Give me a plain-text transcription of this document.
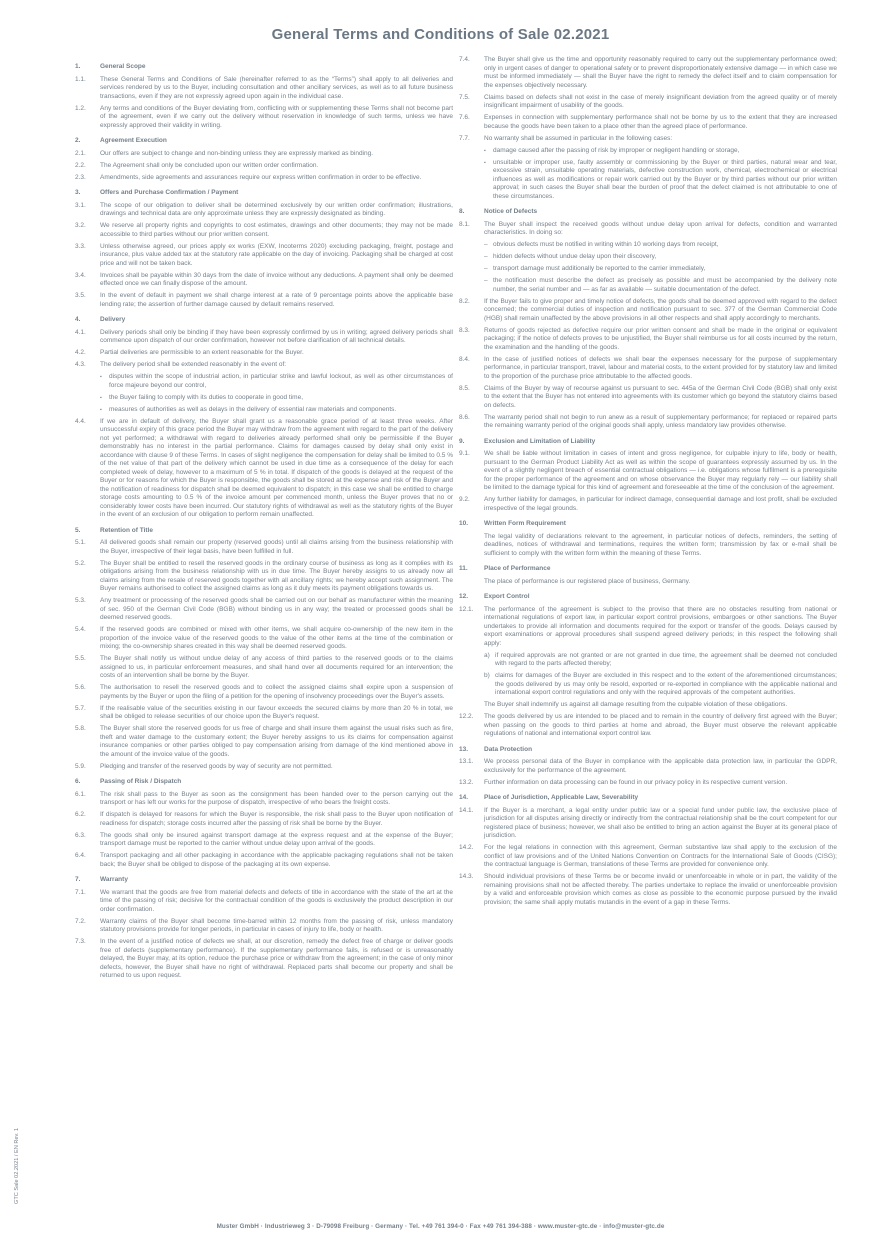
General Terms and Conditions of Sale 02.2021
1.	General Scope
1.1.	These General Terms and Conditions of Sale (hereinafter referred to as the “Terms”) shall apply to all deliveries and services rendered by us to the Buyer, including consultation and other ancillary services, as well as to all future business transactions, even if they are not expressly agreed upon again in the individual case.
1.2.	Any terms and conditions of the Buyer deviating from, conflicting with or supplementing these Terms shall not become part of the agreement, even if we carry out the delivery without reservation in knowledge of such terms, unless we have expressly approved their validity in writing.
2.	Agreement Execution
2.1.	Our offers are subject to change and non-binding unless they are expressly marked as binding.
2.2.	The Agreement shall only be concluded upon our written order confirmation.
2.3.	Amendments, side agreements and assurances require our express written confirmation in order to be effective.
3.	Offers and Purchase Confirmation / Payment
3.1.	The scope of our obligation to deliver shall be determined exclusively by our written order confirmation; illustrations, drawings and technical data are only approximate unless they are expressly designated as binding.
3.2.	We reserve all property rights and copyrights to cost estimates, drawings and other documents; they may not be made accessible to third parties without our prior written consent.
3.3.	Unless otherwise agreed, our prices apply ex works (EXW, Incoterms 2020) excluding packaging, freight, postage and insurance, plus value added tax at the statutory rate applicable on the day of invoicing. Packaging shall be charged at cost price and will not be taken back.
3.4.	Invoices shall be payable within 30 days from the date of invoice without any deductions. A payment shall only be deemed effected once we can finally dispose of the amount.
3.5.	In the event of default in payment we shall charge interest at a rate of 9 percentage points above the applicable base lending rate; the assertion of further damage caused by default remains reserved.
4.	Delivery
4.1.	Delivery periods shall only be binding if they have been expressly confirmed by us in writing; agreed delivery periods shall commence upon dispatch of our order confirmation, however not before clarification of all technical details.
4.2.	Partial deliveries are permissible to an extent reasonable for the Buyer.
4.3.	The delivery period shall be extended reasonably in the event of:
▪	disputes within the scope of industrial action, in particular strike and lawful lockout, as well as other circumstances of force majeure beyond our control,
▪	the Buyer failing to comply with its duties to cooperate in good time,
▪	measures of authorities as well as delays in the delivery of essential raw materials and components.
4.4.	If we are in default of delivery, the Buyer shall grant us a reasonable grace period of at least three weeks. After unsuccessful expiry of this grace period the Buyer may withdraw from the agreement with regard to the part of the delivery not yet performed; a withdrawal with regard to deliveries already performed shall only be permissible if the Buyer demonstrably has no interest in the partial performance. Claims for damages caused by delay shall only exist in accordance with clause 9 of these Terms. In cases of slight negligence the compensation for delay shall be limited to 0.5 % of the net value of that part of the delivery which cannot be used in due time as a consequence of the delay for each completed week of delay, however to a maximum of 5 % in total. If dispatch of the goods is delayed at the request of the Buyer or for reasons for which the Buyer is responsible, the goods shall be stored at the expense and risk of the Buyer and the notification of readiness for dispatch shall be deemed equivalent to dispatch; in this case we shall be entitled to charge storage costs amounting to 0.5 % of the invoice amount per commenced month, unless the Buyer proves that no or considerably lower costs have been incurred. Our statutory rights of withdrawal as well as the statutory rights of the Buyer in the event of an exclusion of our obligation to perform remain unaffected.
5.	Retention of Title
5.1.	All delivered goods shall remain our property (reserved goods) until all claims arising from the business relationship with the Buyer, irrespective of their legal basis, have been fulfilled in full.
5.2.	The Buyer shall be entitled to resell the reserved goods in the ordinary course of business as long as it complies with its obligations arising from the business relationship with us in due time. The Buyer hereby assigns to us already now all claims arising from the resale of reserved goods together with all ancillary rights; we hereby accept such assignment. The Buyer remains authorised to collect the assigned claims as long as it duly meets its payment obligations towards us.
5.3.	Any treatment or processing of the reserved goods shall be carried out on our behalf as manufacturer within the meaning of sec. 950 of the German Civil Code (BGB) without binding us in any way; the treated or processed goods shall be deemed reserved goods.
5.4.	If the reserved goods are combined or mixed with other items, we shall acquire co-ownership of the new item in the proportion of the invoice value of the reserved goods to the value of the other items at the time of the combination or mixing; the co-ownership shares created in this way shall be deemed reserved goods.
5.5.	The Buyer shall notify us without undue delay of any access of third parties to the reserved goods or to the claims assigned to us, in particular enforcement measures, and shall hand over all documents required for an intervention; the costs of an intervention shall be borne by the Buyer.
5.6.	The authorisation to resell the reserved goods and to collect the assigned claims shall expire upon a suspension of payments by the Buyer or upon the filing of a petition for the opening of insolvency proceedings over the Buyer's assets.
5.7.	If the realisable value of the securities existing in our favour exceeds the secured claims by more than 20 % in total, we shall be obliged to release securities of our choice upon the Buyer's request.
5.8.	The Buyer shall store the reserved goods for us free of charge and shall insure them against the usual risks such as fire, theft and water damage to the customary extent; the Buyer hereby assigns to us its claims for compensation against insurance companies or other parties obliged to pay compensation arising from damage of the kind mentioned above in the amount of the invoice value of the goods.
5.9.	Pledging and transfer of the reserved goods by way of security are not permitted.
6.	Passing of Risk / Dispatch
6.1.	The risk shall pass to the Buyer as soon as the consignment has been handed over to the person carrying out the transport or has left our works for the purpose of dispatch, irrespective of who bears the freight costs.
6.2.	If dispatch is delayed for reasons for which the Buyer is responsible, the risk shall pass to the Buyer upon notification of readiness for dispatch; storage costs incurred after the passing of risk shall be borne by the Buyer.
6.3.	The goods shall only be insured against transport damage at the express request and at the expense of the Buyer; transport damage must be reported to the carrier without undue delay upon arrival of the goods.
6.4.	Transport packaging and all other packaging in accordance with the applicable packaging regulations shall not be taken back; the Buyer shall be obliged to dispose of the packaging at its own expense.
7.	Warranty
7.1.	We warrant that the goods are free from material defects and defects of title in accordance with the state of the art at the time of the passing of risk; decisive for the contractual condition of the goods is exclusively the product description in our order confirmation.
7.2.	Warranty claims of the Buyer shall become time-barred within 12 months from the passing of risk, unless mandatory statutory provisions provide for longer periods, in particular in cases of injury to life, body or health.
7.3.	In the event of a justified notice of defects we shall, at our discretion, remedy the defect free of charge or deliver goods free of defects (supplementary performance). If the supplementary performance fails, is refused or is unreasonably delayed, the Buyer may, at its option, reduce the purchase price or withdraw from the agreement; in the case of only minor defects, however, the Buyer shall have no right of withdrawal. Replaced parts shall become our property and shall be returned to us upon request.
7.4.	The Buyer shall give us the time and opportunity reasonably required to carry out the supplementary performance owed; only in urgent cases of danger to operational safety or to prevent disproportionately extensive damage — in which case we must be informed immediately — shall the Buyer have the right to remedy the defect itself and to claim compensation for the expenses objectively necessary.
7.5.	Claims based on defects shall not exist in the case of merely insignificant deviation from the agreed quality or of merely insignificant impairment of usability of the goods.
7.6.	Expenses in connection with supplementary performance shall not be borne by us to the extent that they are increased because the goods have been taken to a place other than the agreed place of performance.
7.7.	No warranty shall be assumed in particular in the following cases:
▪	damage caused after the passing of risk by improper or negligent handling or storage,
▪	unsuitable or improper use, faulty assembly or commissioning by the Buyer or third parties, natural wear and tear, excessive strain, unsuitable operating materials, defective construction work, chemical, electrochemical or electrical influences as well as modifications or repair work carried out by the Buyer or by third parties without our prior written approval; in such cases the Buyer shall bear the burden of proof that the defect claimed is not attributable to one of these circumstances.
8.	Notice of Defects
8.1.	The Buyer shall inspect the received goods without undue delay upon arrival for defects, condition and warranted characteristics. In doing so:
– obvious defects must be notified in writing within 10 working days from receipt,
– hidden defects without undue delay upon their discovery,
– transport damage must additionally be reported to the carrier immediately,
– the notification must describe the defect as precisely as possible and must be accompanied by the delivery note number, the serial number and — as far as available — suitable documentation of the defect.
8.2.	If the Buyer fails to give proper and timely notice of defects, the goods shall be deemed approved with regard to the defect concerned; the commercial duties of inspection and notification pursuant to sec. 377 of the German Commercial Code (HGB) shall remain unaffected by the above provisions in all other respects and shall apply accordingly to merchants.
8.3.	Returns of goods rejected as defective require our prior written consent and shall be made in the original or equivalent packaging; if the notice of defects proves to be unjustified, the Buyer shall reimburse us for all costs incurred by the return, the examination and the handling of the goods.
8.4.	In the case of justified notices of defects we shall bear the expenses necessary for the purpose of supplementary performance, in particular transport, travel, labour and material costs, to the extent provided for by statutory law and limited to the proportion of the purchase price attributable to the affected goods.
8.5.	Claims of the Buyer by way of recourse against us pursuant to sec. 445a of the German Civil Code (BGB) shall only exist to the extent that the Buyer has not entered into agreements with its customer which go beyond the statutory claims based on defects.
8.6.	The warranty period shall not begin to run anew as a result of supplementary performance; for replaced or repaired parts the remaining warranty period of the original goods shall apply, unless mandatory law provides otherwise.
9.	Exclusion and Limitation of Liability
9.1.	We shall be liable without limitation in cases of intent and gross negligence, for culpable injury to life, body or health, pursuant to the German Product Liability Act as well as within the scope of guarantees expressly assumed by us. In the event of a slightly negligent breach of essential contractual obligations — i.e. obligations whose fulfilment is a prerequisite for the proper performance of the agreement and on whose observance the Buyer may regularly rely — our liability shall be limited to the damage typical for this kind of agreement and foreseeable at the time of the conclusion of the agreement.
9.2.	Any further liability for damages, in particular for indirect damage, consequential damage and lost profit, shall be excluded irrespective of the legal grounds.
10.	Written Form Requirement
The legal validity of declarations relevant to the agreement, in particular notices of defects, reminders, the setting of deadlines, notices of withdrawal and terminations, requires the written form; transmission by fax or e-mail shall be sufficient to comply with the written form within the meaning of these Terms.
11.	Place of Performance
The place of performance is our registered place of business, Germany.
12.	Export Control
12.1.	The performance of the agreement is subject to the proviso that there are no obstacles resulting from national or international regulations of export law, in particular export control provisions, embargoes or other sanctions. The Buyer undertakes to provide all information and documents required for the export or transfer of the goods. Delays caused by export examinations or approval procedures shall suspend agreed delivery periods; in this respect the following shall apply:
a) if required approvals are not granted or are not granted in due time, the agreement shall be deemed not concluded with regard to the parts affected thereby;
b) claims for damages of the Buyer are excluded in this respect and to the extent of the aforementioned circumstances; the goods delivered by us may only be resold, exported or re-exported in compliance with the applicable national and international export control regulations and only with the required approvals of the competent authorities.
The Buyer shall indemnify us against all damage resulting from the culpable violation of these obligations.
12.2.	The goods delivered by us are intended to be placed and to remain in the country of delivery first agreed with the Buyer; when passing on the goods to third parties at home and abroad, the Buyer must observe the relevant applicable regulations of national and international export control law.
13.	Data Protection
13.1.	We process personal data of the Buyer in compliance with the applicable data protection law, in particular the GDPR, exclusively for the performance of the agreement.
13.2.	Further information on data processing can be found in our privacy policy in its respective current version.
14.	Place of Jurisdiction, Applicable Law, Severability
14.1.	If the Buyer is a merchant, a legal entity under public law or a special fund under public law, the exclusive place of jurisdiction for all disputes arising directly or indirectly from the contractual relationship shall be the court competent for our registered place of business; however, we shall also be entitled to bring an action against the Buyer at its general place of jurisdiction.
14.2.	For the legal relations in connection with this agreement, German substantive law shall apply to the exclusion of the conflict of law provisions and of the United Nations Convention on Contracts for the International Sale of Goods (CISG); the contractual language is German, translations of these Terms are provided for convenience only.
14.3.	Should individual provisions of these Terms be or become invalid or unenforceable in whole or in part, the validity of the remaining provisions shall not be affected thereby. The parties undertake to replace the invalid or unenforceable provision by a valid and enforceable provision which comes as close as possible to the economic purpose pursued by the invalid provision; the same shall apply mutatis mutandis in the event of a gap in these Terms.
GTC Sale 02.2021 / EN Rev. 1
Muster GmbH · Industrieweg 3 · D-79098 Freiburg · Germany · Tel. +49 761 394-0 · Fax +49 761 394-388 · www.muster-gtc.de · info@muster-gtc.de
